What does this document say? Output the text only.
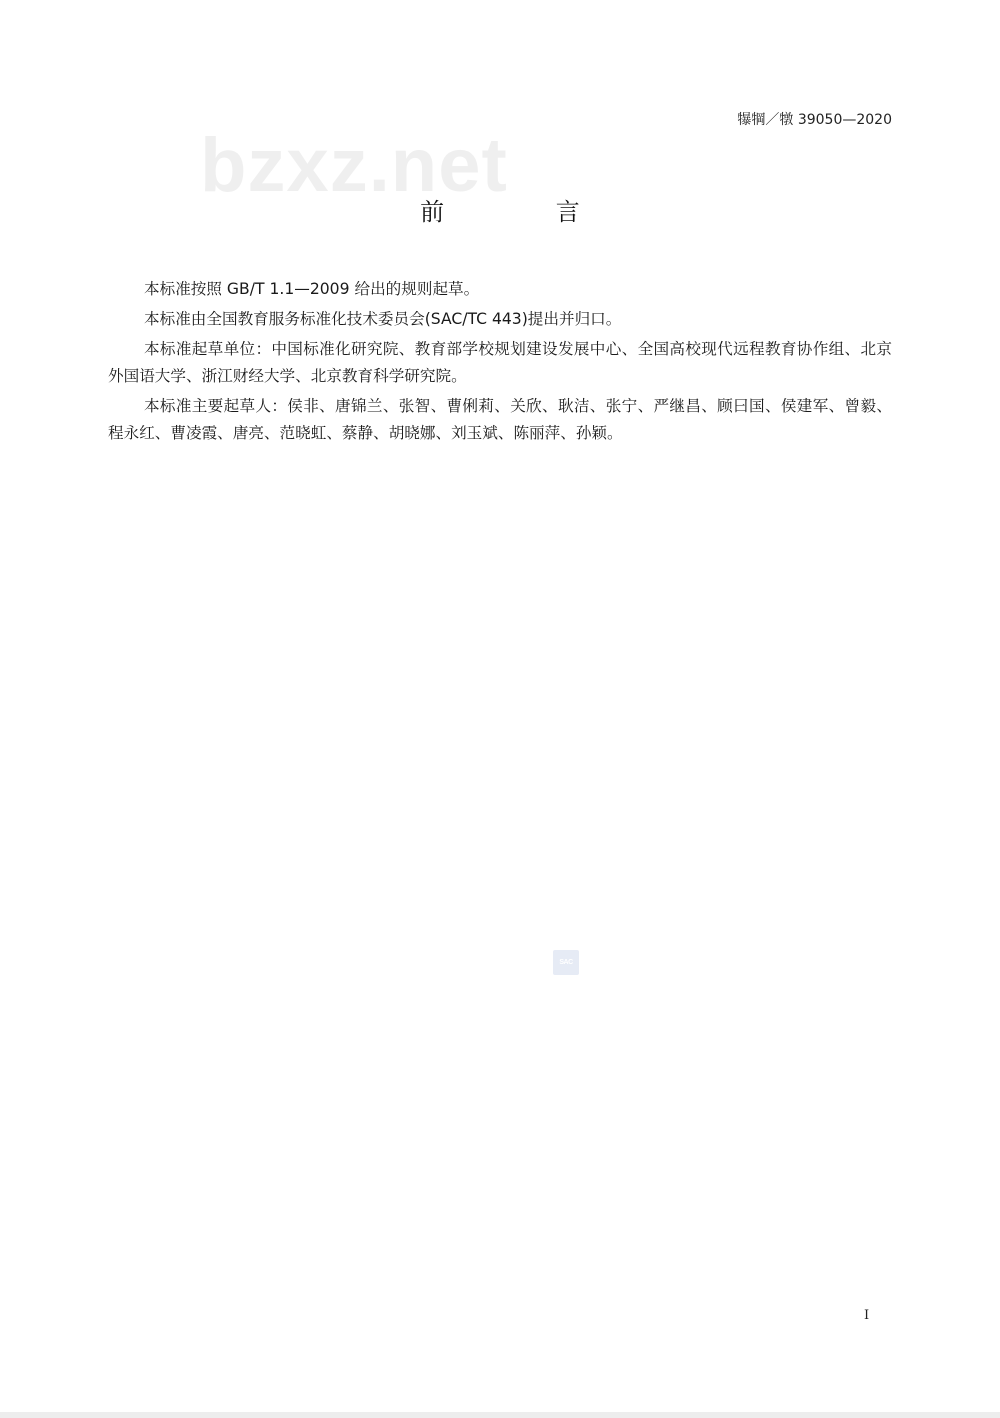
犦犅／犜 39050—2020
bzxz.net
前 言

本标准按照 GB/T 1.1—2009 给出的规则起草。

本标准由全国教育服务标准化技术委员会(SAC/TC 443)提出并归口。

本标准起草单位：中国标准化研究院、教育部学校规划建设发展中心、全国高校现代远程教育协作组、北京外国语大学、浙江财经大学、北京教育科学研究院。

本标准主要起草人：侯非、唐锦兰、张智、曹俐莉、关欣、耿洁、张宁、严继昌、顾曰国、侯建军、曾毅、程永红、曹凌霞、唐亮、范晓虹、蔡静、胡晓娜、刘玉斌、陈丽萍、孙颖。

SAC
I
